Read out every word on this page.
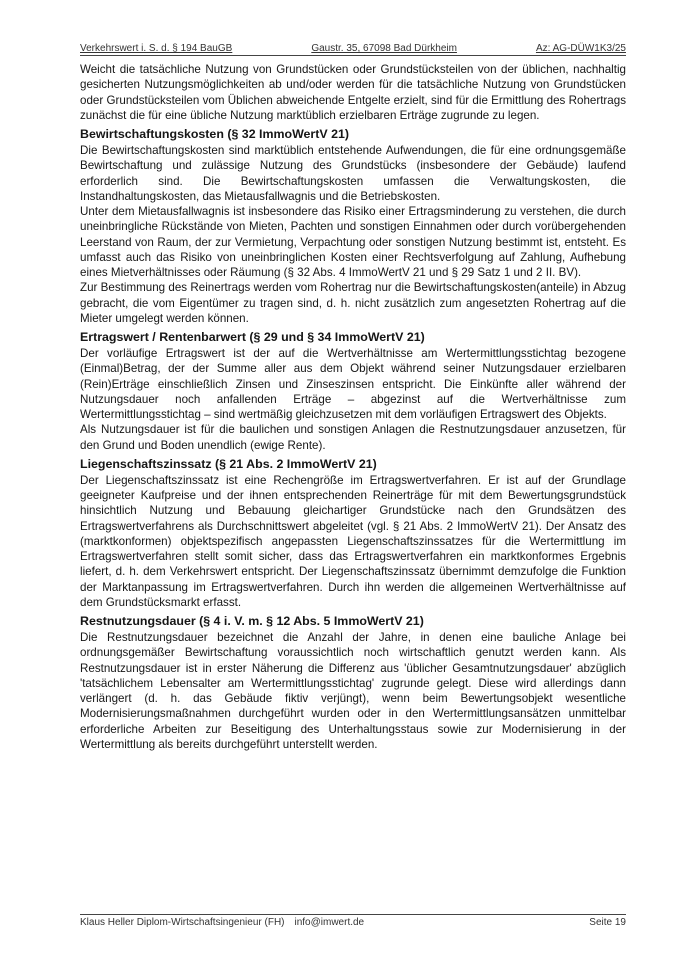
Verkehrswert i. S. d. § 194 BauGB	Gaustr. 35, 67098 Bad Dürkheim	Az: AG-DÜW1K3/25

Weicht die tatsächliche Nutzung von Grundstücken oder Grundstücksteilen von der üblichen, nachhaltig gesicherten Nutzungsmöglichkeiten ab und/oder werden für die tatsächliche Nutzung von Grundstücken oder Grundstücksteilen vom Üblichen abweichende Entgelte erzielt, sind für die Ermittlung des Rohertrags zunächst die für eine übliche Nutzung marktüblich erzielbaren Erträge zugrunde zu legen.

Bewirtschaftungskosten (§ 32 ImmoWertV 21)

Die Bewirtschaftungskosten sind marktüblich entstehende Aufwendungen, die für eine ordnungsgemäße Bewirtschaftung und zulässige Nutzung des Grundstücks (insbesondere der Gebäude) laufend erforderlich sind. Die Bewirtschaftungskosten umfassen die Verwaltungskosten, die Instandhaltungskosten, das Mietausfallwagnis und die Betriebskosten.

Unter dem Mietausfallwagnis ist insbesondere das Risiko einer Ertragsminderung zu verstehen, die durch uneinbringliche Rückstände von Mieten, Pachten und sonstigen Einnahmen oder durch vorübergehenden Leerstand von Raum, der zur Vermietung, Verpachtung oder sonstigen Nutzung bestimmt ist, entsteht. Es umfasst auch das Risiko von uneinbringlichen Kosten einer Rechtsverfolgung auf Zahlung, Aufhebung eines Mietverhältnisses oder Räumung (§ 32 Abs. 4 ImmoWertV 21 und § 29 Satz 1 und 2 II. BV).

Zur Bestimmung des Reinertrags werden vom Rohertrag nur die Bewirtschaftungskosten(anteile) in Abzug gebracht, die vom Eigentümer zu tragen sind, d. h. nicht zusätzlich zum angesetzten Rohertrag auf die Mieter umgelegt werden können.

Ertragswert / Rentenbarwert (§ 29 und § 34 ImmoWertV 21)

Der vorläufige Ertragswert ist der auf die Wertverhältnisse am Wertermittlungsstichtag bezogene (Einmal)Betrag, der der Summe aller aus dem Objekt während seiner Nutzungsdauer erzielbaren (Rein)Erträge einschließlich Zinsen und Zinseszinsen entspricht. Die Einkünfte aller während der Nutzungsdauer noch anfallenden Erträge – abgezinst auf die Wertverhältnisse zum Wertermittlungsstichtag – sind wertmäßig gleichzusetzen mit dem vorläufigen Ertragswert des Objekts.

Als Nutzungsdauer ist für die baulichen und sonstigen Anlagen die Restnutzungsdauer anzusetzen, für den Grund und Boden unendlich (ewige Rente).

Liegenschaftszinssatz (§ 21 Abs. 2 ImmoWertV 21)

Der Liegenschaftszinssatz ist eine Rechengröße im Ertragswertverfahren. Er ist auf der Grundlage geeigneter Kaufpreise und der ihnen entsprechenden Reinerträge für mit dem Bewertungsgrundstück hinsichtlich Nutzung und Bebauung gleichartiger Grundstücke nach den Grundsätzen des Ertragswertverfahrens als Durchschnittswert abgeleitet (vgl. § 21 Abs. 2 ImmoWertV 21). Der Ansatz des (marktkonformen) objektspezifisch angepassten Liegenschaftszinssatzes für die Wertermittlung im Ertragswertverfahren stellt somit sicher, dass das Ertragswertverfahren ein marktkonformes Ergebnis liefert, d. h. dem Verkehrswert entspricht. Der Liegenschaftszinssatz übernimmt demzufolge die Funktion der Marktanpassung im Ertragswertverfahren. Durch ihn werden die allgemeinen Wertverhältnisse auf dem Grundstücksmarkt erfasst.

Restnutzungsdauer (§ 4 i. V. m. § 12 Abs. 5 ImmoWertV 21)

Die Restnutzungsdauer bezeichnet die Anzahl der Jahre, in denen eine bauliche Anlage bei ordnungsgemäßer Bewirtschaftung voraussichtlich noch wirtschaftlich genutzt werden kann. Als Restnutzungsdauer ist in erster Näherung die Differenz aus 'üblicher Gesamtnutzungsdauer' abzüglich 'tatsächlichem Lebensalter am Wertermittlungsstichtag' zugrunde gelegt. Diese wird allerdings dann verlängert (d. h. das Gebäude fiktiv verjüngt), wenn beim Bewertungsobjekt wesentliche Modernisierungsmaßnahmen durchgeführt wurden oder in den Wertermittlungsansätzen unmittelbar erforderliche Arbeiten zur Beseitigung des Unterhaltungsstaus sowie zur Modernisierung in der Wertermittlung als bereits durchgeführt unterstellt werden.

Klaus Heller Diplom-Wirtschaftsingenieur (FH) info@imwert.de	Seite 19
